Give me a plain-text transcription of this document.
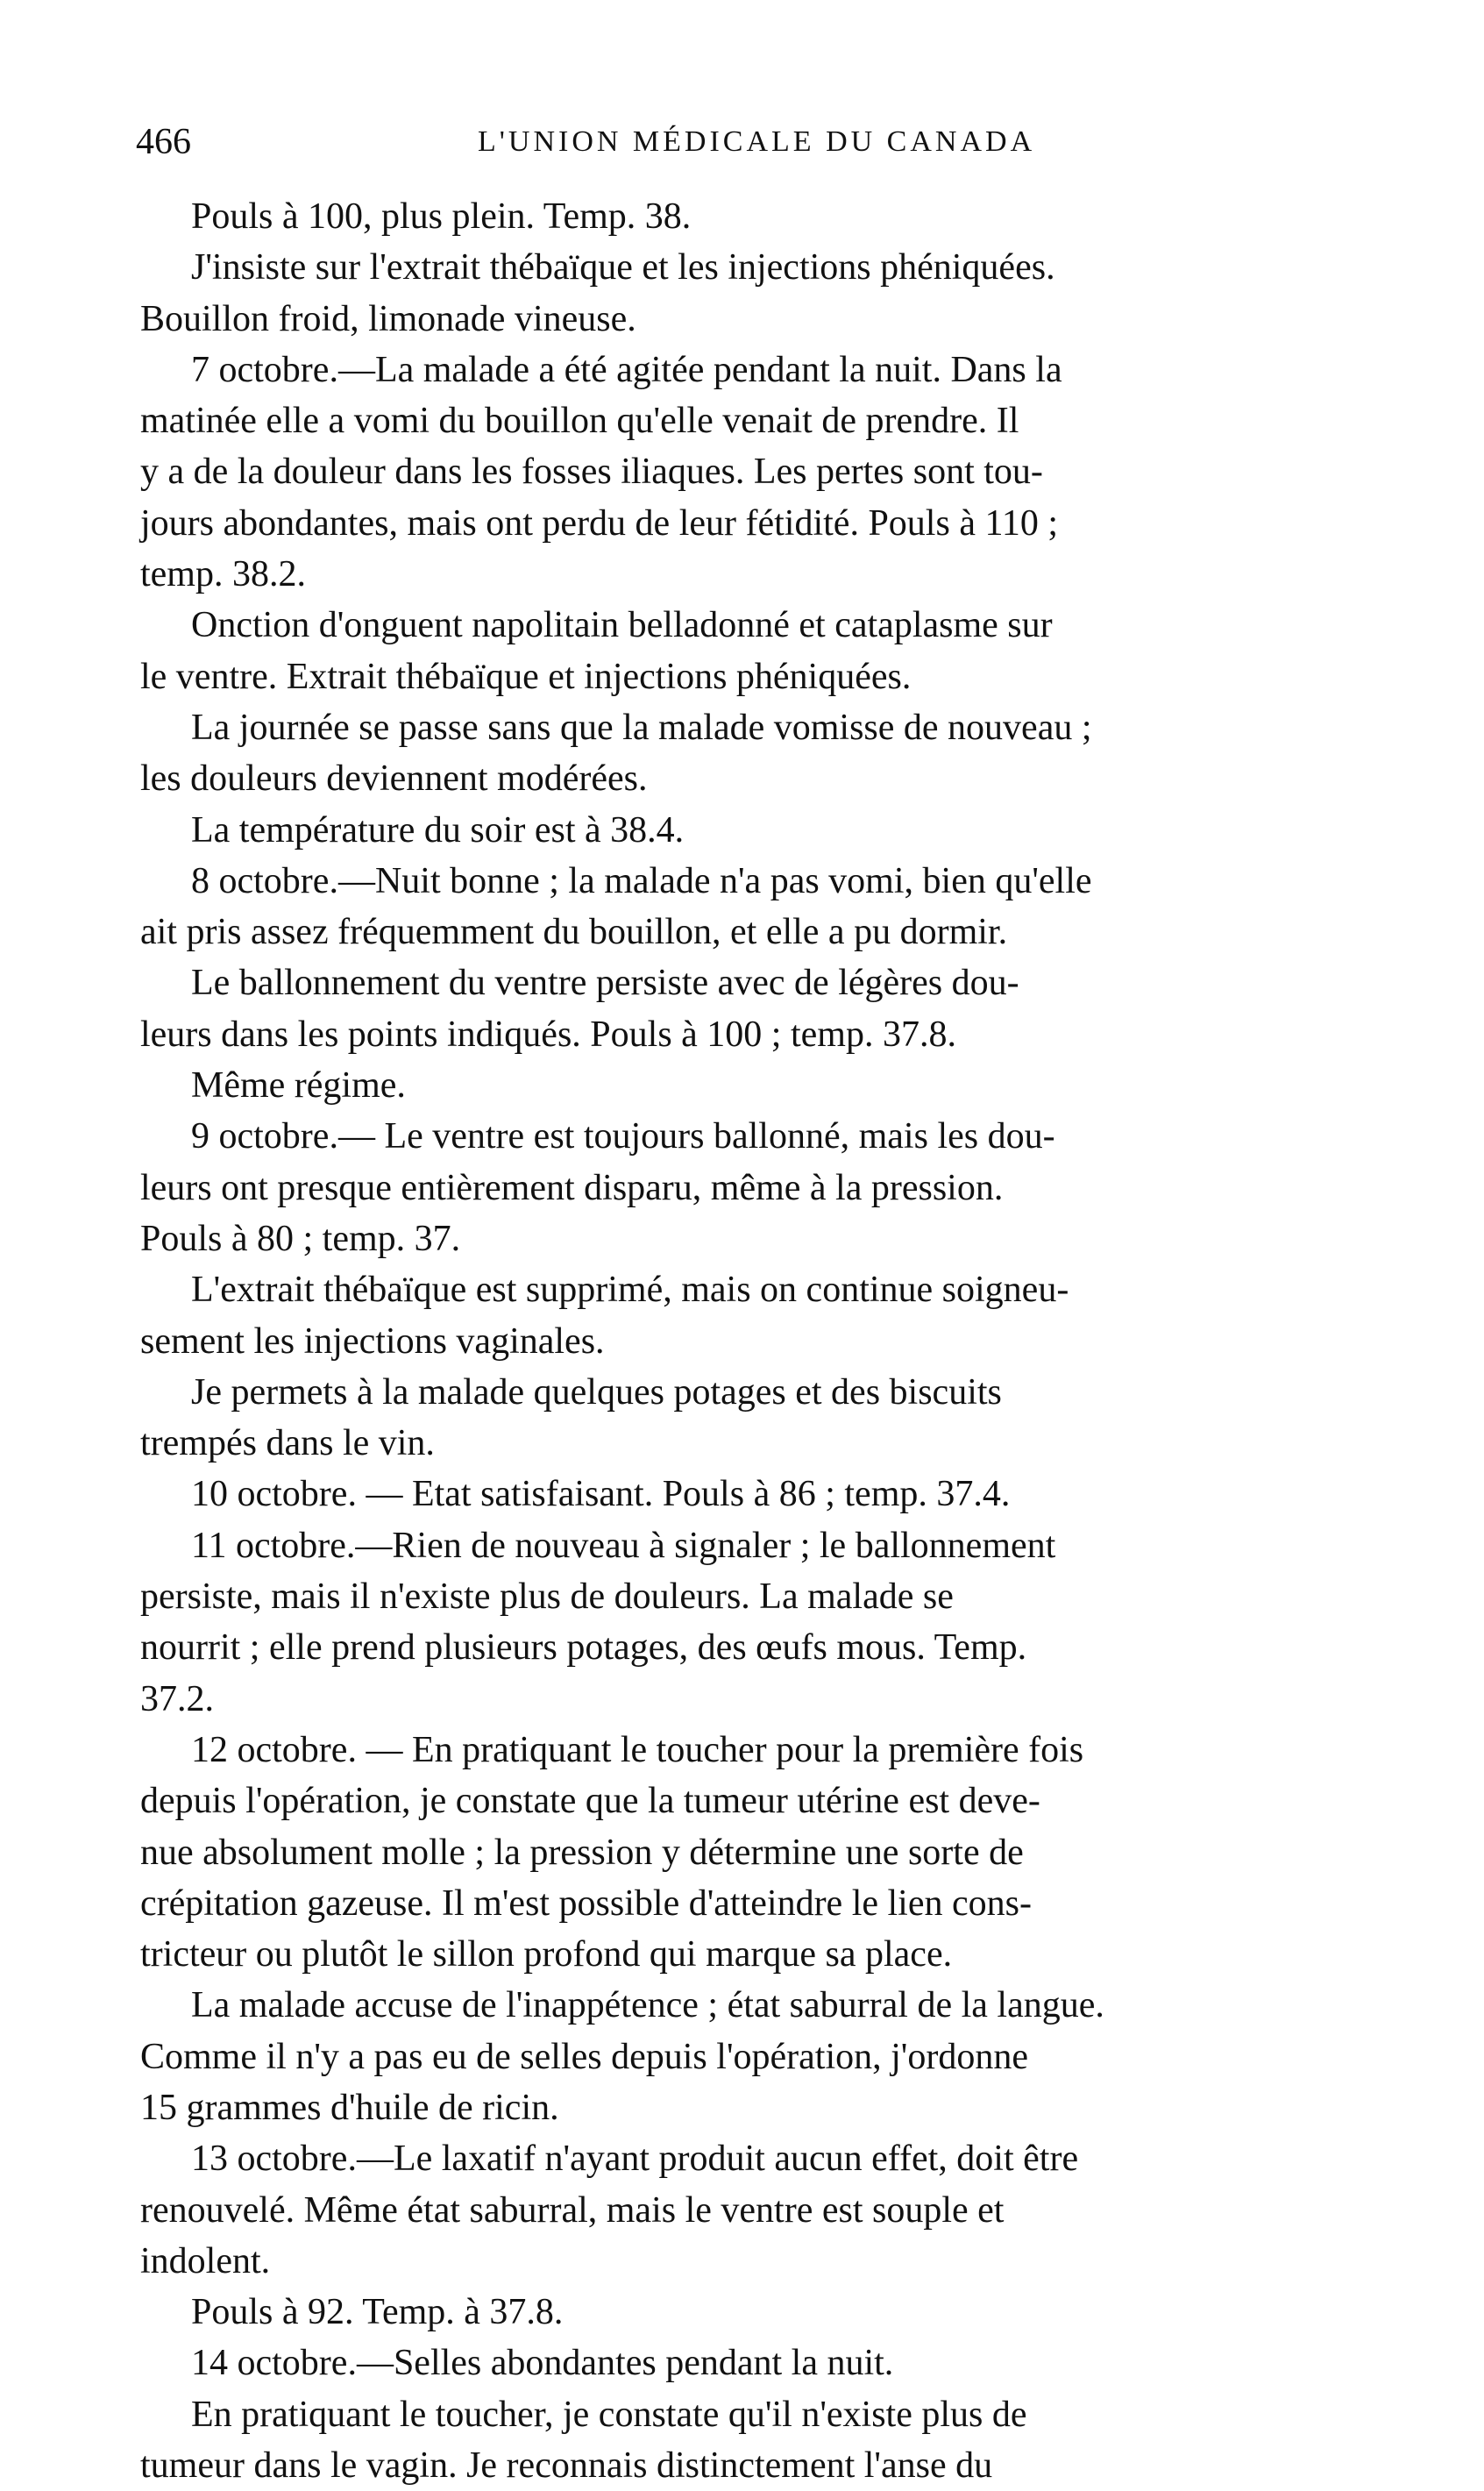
466	L'UNION MÉDICALE DU CANADA
Pouls à 100, plus plein. Temp. 38.
J'insiste sur l'extrait thébaïque et les injections phéniquées.
Bouillon froid, limonade vineuse.
7 octobre.—La malade a été agitée pendant la nuit. Dans la
matinée elle a vomi du bouillon qu'elle venait de prendre. Il
y a de la douleur dans les fosses iliaques. Les pertes sont tou-
jours abondantes, mais ont perdu de leur fétidité. Pouls à 110 ;
temp. 38.2.
Onction d'onguent napolitain belladonné et cataplasme sur
le ventre. Extrait thébaïque et injections phéniquées.
La journée se passe sans que la malade vomisse de nouveau ;
les douleurs deviennent modérées.
La température du soir est à 38.4.
8 octobre.—Nuit bonne ; la malade n'a pas vomi, bien qu'elle
ait pris assez fréquemment du bouillon, et elle a pu dormir.
Le ballonnement du ventre persiste avec de légères dou-
leurs dans les points indiqués. Pouls à 100 ; temp. 37.8.
Même régime.
9 octobre.— Le ventre est toujours ballonné, mais les dou-
leurs ont presque entièrement disparu, même à la pression.
Pouls à 80 ; temp. 37.
L'extrait thébaïque est supprimé, mais on continue soigneu-
sement les injections vaginales.
Je permets à la malade quelques potages et des biscuits
trempés dans le vin.
10 octobre. — Etat satisfaisant. Pouls à 86 ; temp. 37.4.
11 octobre.—Rien de nouveau à signaler ; le ballonnement
persiste, mais il n'existe plus de douleurs. La malade se
nourrit ; elle prend plusieurs potages, des œufs mous. Temp.
37.2.
12 octobre. — En pratiquant le toucher pour la première fois
depuis l'opération, je constate que la tumeur utérine est deve-
nue absolument molle ; la pression y détermine une sorte de
crépitation gazeuse. Il m'est possible d'atteindre le lien cons-
tricteur ou plutôt le sillon profond qui marque sa place.
La malade accuse de l'inappétence ; état saburral de la langue.
Comme il n'y a pas eu de selles depuis l'opération, j'ordonne
15 grammes d'huile de ricin.
13 octobre.—Le laxatif n'ayant produit aucun effet, doit être
renouvelé. Même état saburral, mais le ventre est souple et
indolent.
Pouls à 92. Temp. à 37.8.
14 octobre.—Selles abondantes pendant la nuit.
En pratiquant le toucher, je constate qu'il n'existe plus de
tumeur dans le vagin. Je reconnais distinctement l'anse du
